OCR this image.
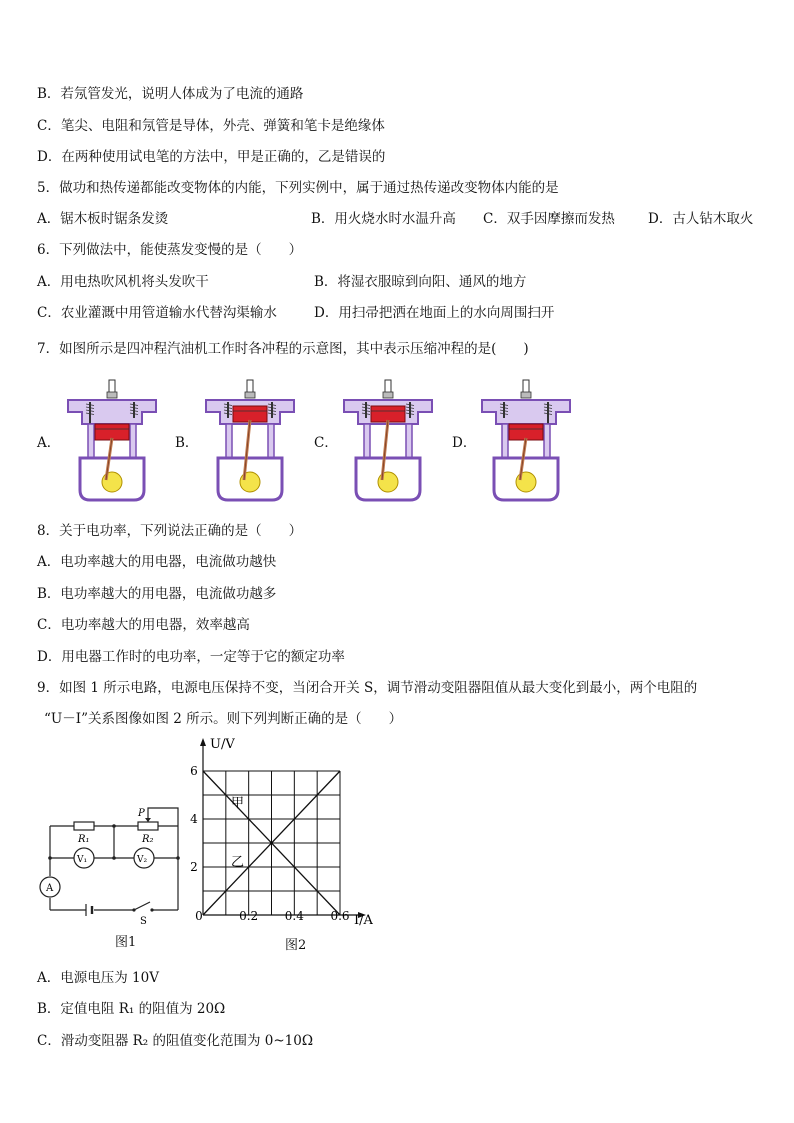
B．若氖管发光，说明人体成为了电流的通路
C．笔尖、电阻和氖管是导体，外壳、弹簧和笔卡是绝缘体
D．在两种使用试电笔的方法中，甲是正确的，乙是错误的
5．做功和热传递都能改变物体的内能，下列实例中，属于通过热传递改变物体内能的是
A．锯木板时锯条发烫	B．用火烧水时水温升高 C．双手因摩擦而发热 D．古人钻木取火
6．下列做法中，能使蒸发变慢的是（　　）
A．用电热吹风机将头发吹干	B．将湿衣服晾到向阳、通风的地方
C．农业灌溉中用管道输水代替沟渠输水	D．用扫帚把洒在地面上的水向周围扫开
7．如图所示是四冲程汽油机工作时各冲程的示意图，其中表示压缩冲程的是(　　)
A．	B．	C．	D．
8．关于电功率，下列说法正确的是（　　）
A．电功率越大的用电器，电流做功越快
B．电功率越大的用电器，电流做功越多
C．电功率越大的用电器，效率越高
D．用电器工作时的电功率，一定等于它的额定功率
9．如图 1 所示电路，电源电压保持不变，当闭合开关 S，调节滑动变阻器阻值从最大变化到最小，两个电阻的
“U－I”关系图像如图 2 所示。则下列判断正确的是（　　）
R₁	R₂
P
V₁	V₂
A
S
图1
0.2 0.4 0.6
2
4
6
U/V
I/A
0
甲
乙
图2
A．电源电压为 10V
B．定值电阻 R₁ 的阻值为 20Ω
C．滑动变阻器 R₂ 的阻值变化范围为 0~10Ω
